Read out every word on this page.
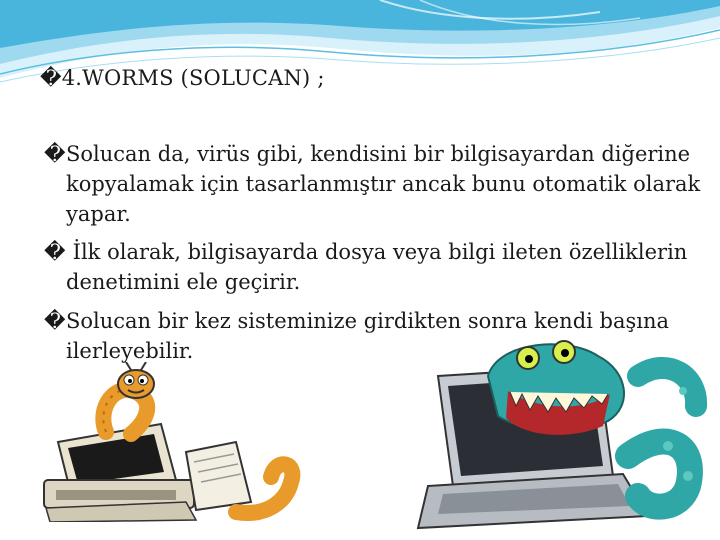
�4.WORMS (SOLUCAN) ;
�Solucan da, virüs gibi, kendisini bir bilgisayardan diğerine kopyalamak için tasarlanmıştır ancak bunu otomatik olarak yapar.
� İlk olarak, bilgisayarda dosya veya bilgi ileten özelliklerin denetimini ele geçirir.
�Solucan bir kez sisteminize girdikten sonra kendi başına ilerleyebilir.
